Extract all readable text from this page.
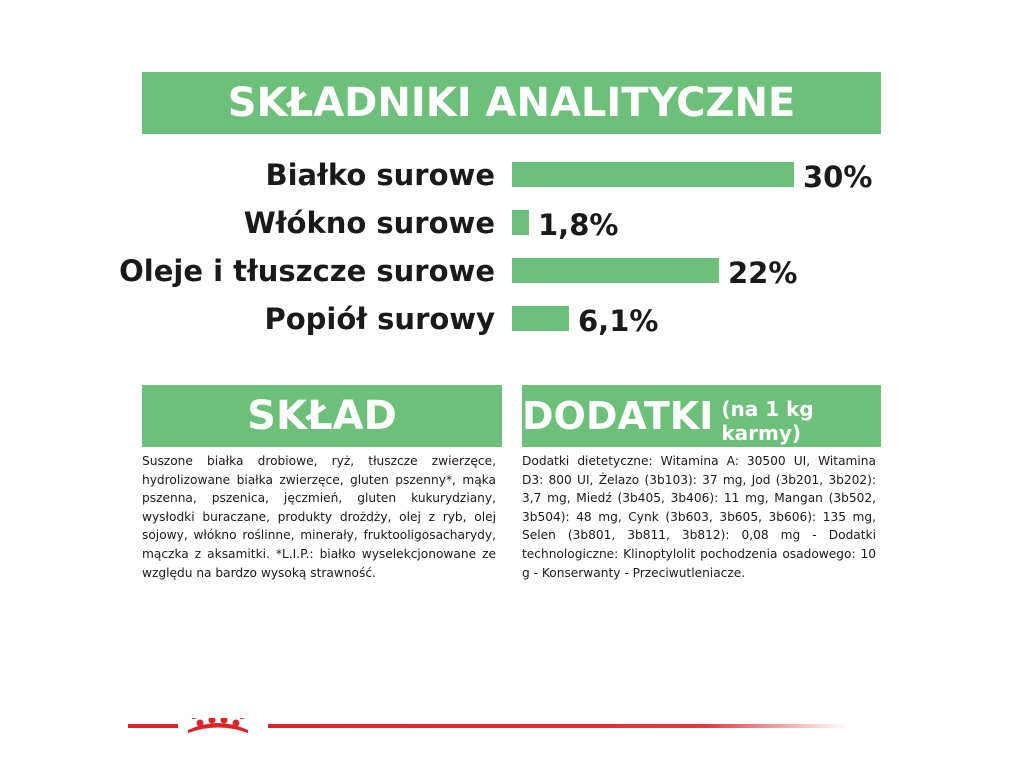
SKŁADNIKI ANALITYCZNE
Białko surowe	30%
Włókno surowe 1,8%
Oleje i tłuszcze surowe	22%
Popiół surowy	6,1%
SKŁAD
Suszone białka drobiowe, ryż, tłuszcze zwierzęce, hydrolizowane białka zwierzęce, gluten pszenny*, mąka pszenna, pszenica, jęczmień, gluten kukurydziany, wysłodki buraczane, produkty drożdży, olej z ryb, olej sojowy, włókno roślinne, minerały, fruktooligosacharydy, mączka z aksamitki. *L.I.P.: białko wyselekcjonowane ze względu na bardzo wysoką strawność.
DODATKI (na 1 kg karmy)
Dodatki dietetyczne: Witamina A: 30500 UI, Witamina D3: 800 UI, Żelazo (3b103): 37 mg, Jod (3b201, 3b202): 3,7 mg, Miedź (3b405, 3b406): 11 mg, Mangan (3b502, 3b504): 48 mg, Cynk (3b603, 3b605, 3b606): 135 mg, Selen (3b801, 3b811, 3b812): 0,08 mg - Dodatki technologiczne: Klinoptylolit pochodzenia osadowego: 10 g - Konserwanty - Przeciwutleniacze.
